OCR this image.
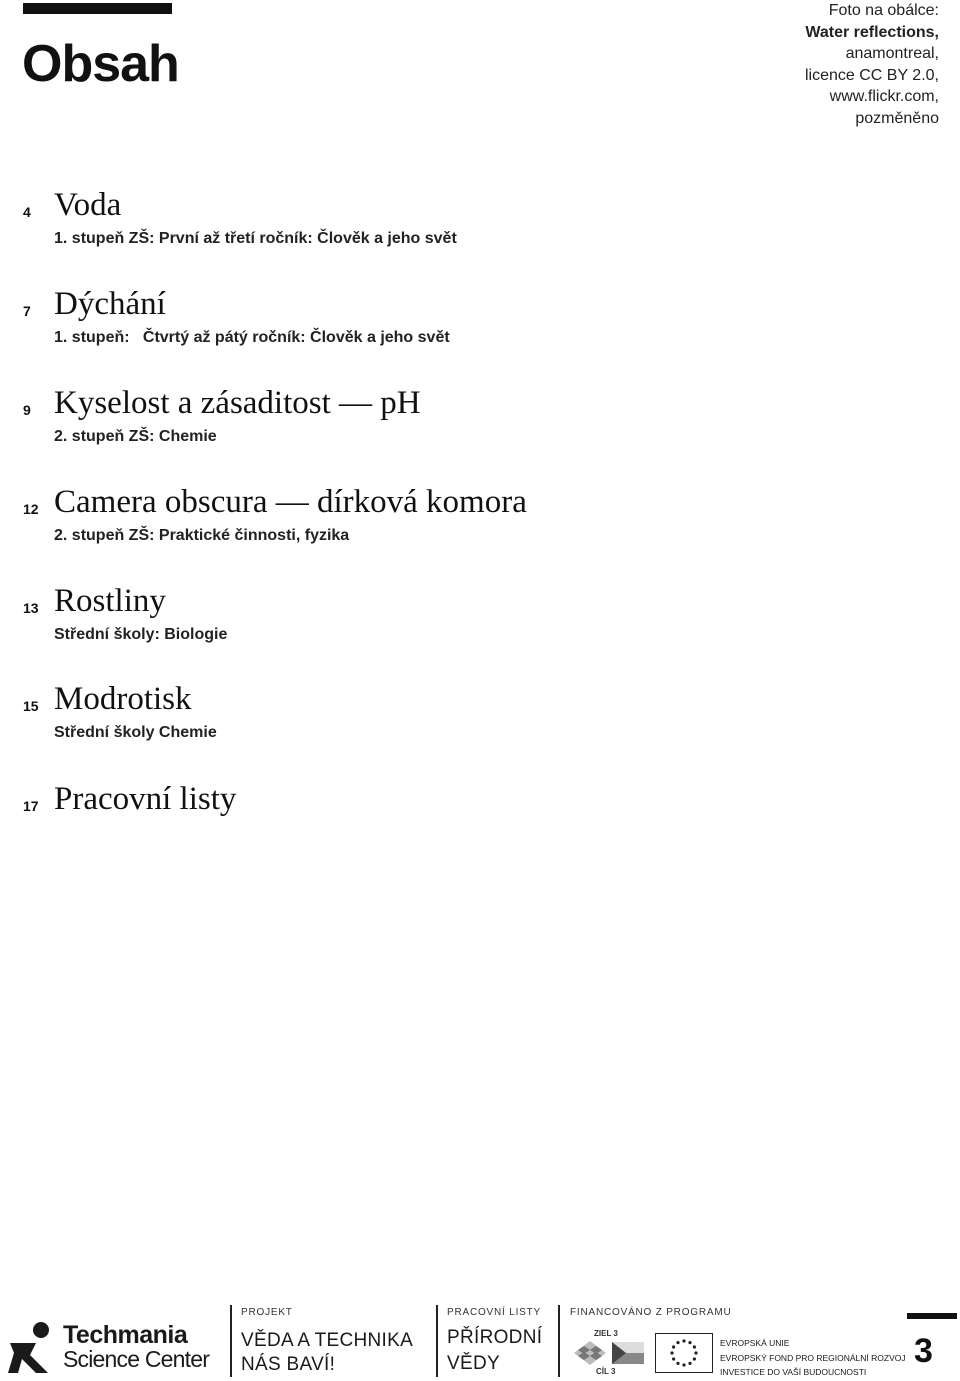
Obsah
Foto na obálce:
Water reflections,
anamontreal,
licence CC BY 2.0,
www.flickr.com,
pozměněno
4 Voda
1. stupeň ZŠ: První až třetí ročník: Člověk a jeho svět
7 Dýchání
1. stupeň:   Čtvrtý až pátý ročník: Člověk a jeho svět
9 Kyselost a zásaditost — pH
2. stupeň ZŠ: Chemie
12 Camera obscura — dírková komora
2. stupeň ZŠ: Praktické činnosti, fyzika
13 Rostliny
Střední školy: Biologie
15 Modrotisk
Střední školy Chemie
17 Pracovní listy
Techmania
Science Center
PROJEKT
VĚDA A TECHNIKA
NÁS BAVÍ!
PRACOVNÍ LISTY
PŘÍRODNÍ
VĚDY
FINANCOVÁNO Z PROGRAMU
ZIEL 3
CÍL 3
EVROPSKÁ UNIE
EVROPSKÝ FOND PRO REGIONÁLNÍ ROZVOJ
INVESTICE DO VAŠÍ BUDOUCNOSTI
3
